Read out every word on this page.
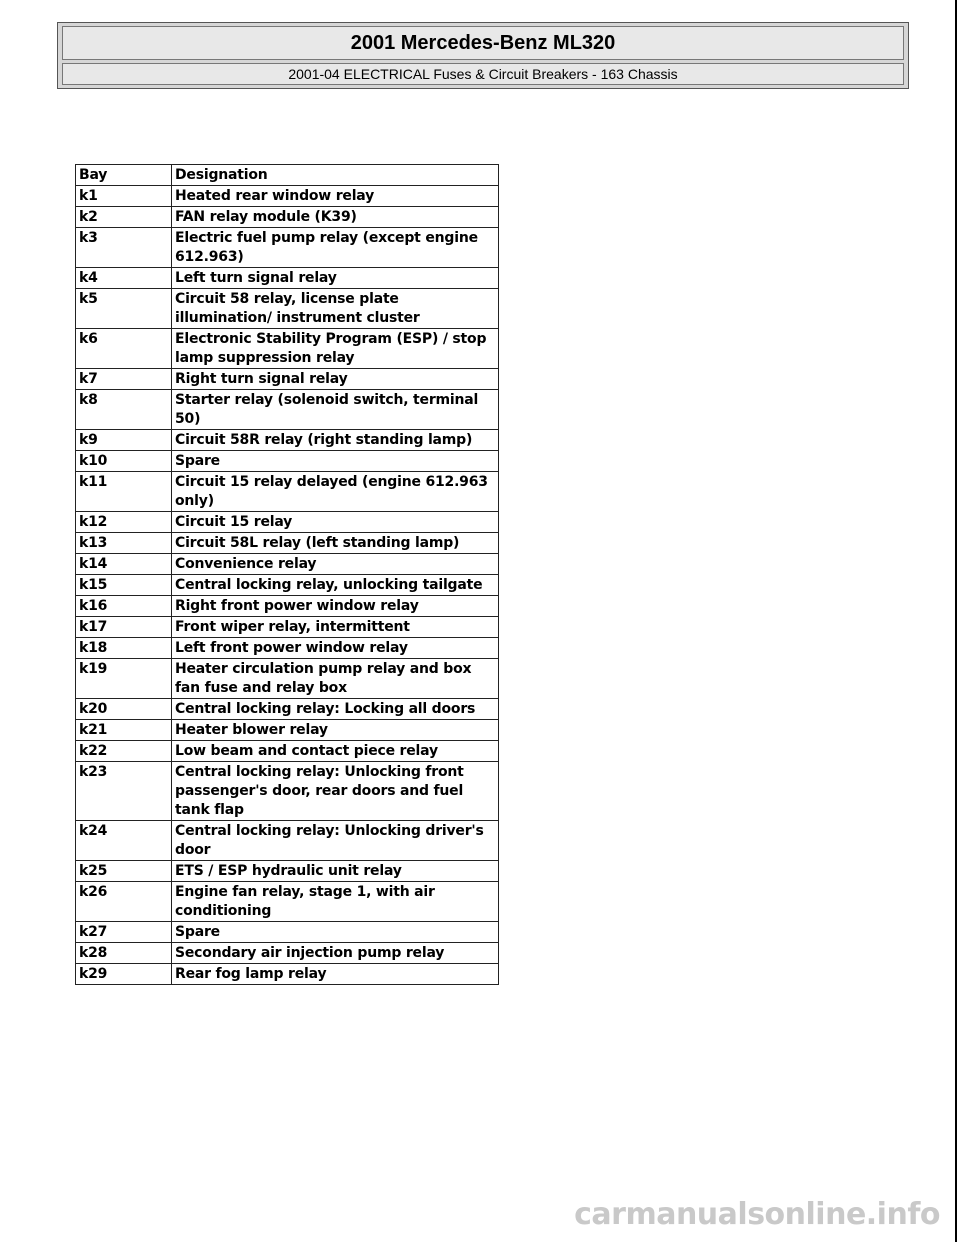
2001 Mercedes-Benz ML320
2001-04 ELECTRICAL Fuses & Circuit Breakers - 163 Chassis
Bay	Designation
k1	Heated rear window relay
k2	FAN relay module (K39)
k3	Electric fuel pump relay (except engine 612.963)
k4	Left turn signal relay
k5	Circuit 58 relay, license plate illumination/ instrument cluster
k6	Electronic Stability Program (ESP) / stop lamp suppression relay
k7	Right turn signal relay
k8	Starter relay (solenoid switch, terminal 50)
k9	Circuit 58R relay (right standing lamp)
k10	Spare
k11	Circuit 15 relay delayed (engine 612.963 only)
k12	Circuit 15 relay
k13	Circuit 58L relay (left standing lamp)
k14	Convenience relay
k15	Central locking relay, unlocking tailgate
k16	Right front power window relay
k17	Front wiper relay, intermittent
k18	Left front power window relay
k19	Heater circulation pump relay and box fan fuse and relay box
k20	Central locking relay: Locking all doors
k21	Heater blower relay
k22	Low beam and contact piece relay
k23	Central locking relay: Unlocking front passenger's door, rear doors and fuel tank flap
k24	Central locking relay: Unlocking driver's door
k25	ETS / ESP hydraulic unit relay
k26	Engine fan relay, stage 1, with air conditioning
k27	Spare
k28	Secondary air injection pump relay
k29	Rear fog lamp relay
carmanualsonline.info
